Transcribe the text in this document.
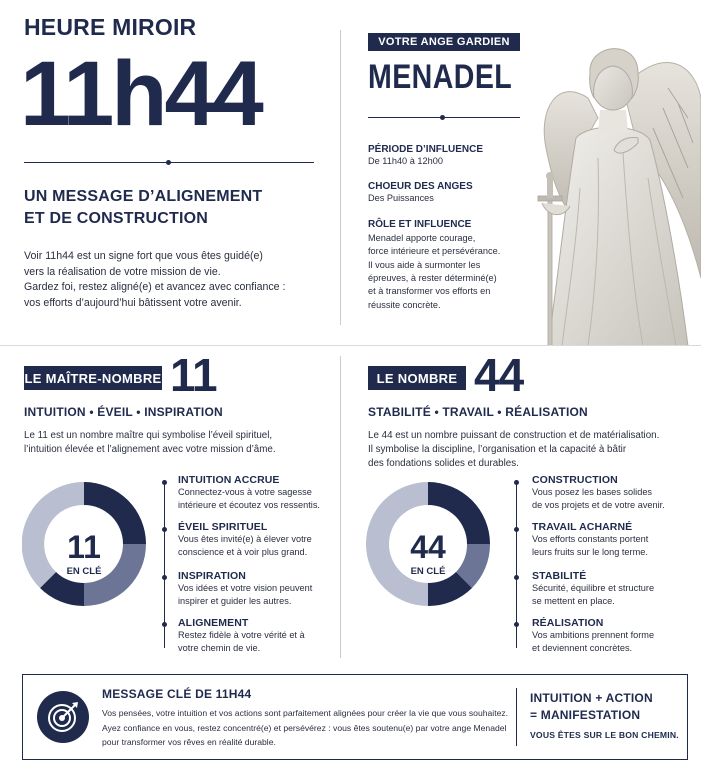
HEURE MIROIR
11h44
UN MESSAGE D’ALIGNEMENT
ET DE CONSTRUCTION
Voir 11h44 est un signe fort que vous êtes guidé(e)
vers la réalisation de votre mission de vie.
Gardez foi, restez aligné(e) et avancez avec confiance :
vos efforts d’aujourd’hui bâtissent votre avenir.
VOTRE ANGE GARDIEN
MENADEL
PÉRIODE D’INFLUENCE
De 11h40 à 12h00
CHOEUR DES ANGES
Des Puissances
RÔLE ET INFLUENCE
Menadel apporte courage,
force intérieure et persévérance.
Il vous aide à surmonter les
épreuves, à rester déterminé(e)
et à transformer vos efforts en
réussite concrète.
LE MAÎTRE-NOMBRE 11
INTUITION • ÉVEIL • INSPIRATION
Le 11 est un nombre maître qui symbolise l’éveil spirituel,
l’intuition élevée et l’alignement avec votre mission d’âme.
11
EN CLÉ
INTUITION ACCRUE
Connectez-vous à votre sagesse
intérieure et écoutez vos ressentis.
ÉVEIL SPIRITUEL
Vous êtes invité(e) à élever votre
conscience et à voir plus grand.
INSPIRATION
Vos idées et votre vision peuvent
inspirer et guider les autres.
ALIGNEMENT
Restez fidèle à votre vérité et à
votre chemin de vie.
LE NOMBRE 44
STABILITÉ • TRAVAIL • RÉALISATION
Le 44 est un nombre puissant de construction et de matérialisation.
Il symbolise la discipline, l’organisation et la capacité à bâtir
des fondations solides et durables.
44
EN CLÉ
CONSTRUCTION
Vous posez les bases solides
de vos projets et de votre avenir.
TRAVAIL ACHARNÉ
Vos efforts constants portent
leurs fruits sur le long terme.
STABILITÉ
Sécurité, équilibre et structure
se mettent en place.
RÉALISATION
Vos ambitions prennent forme
et deviennent concrètes.
MESSAGE CLÉ DE 11H44
Vos pensées, votre intuition et vos actions sont parfaitement alignées pour créer la vie que vous souhaitez.
Ayez confiance en vous, restez concentré(e) et persévérez : vous êtes soutenu(e) par votre ange Menadel
pour transformer vos rêves en réalité durable.
INTUITION + ACTION
= MANIFESTATION
VOUS ÊTES SUR LE BON CHEMIN.
